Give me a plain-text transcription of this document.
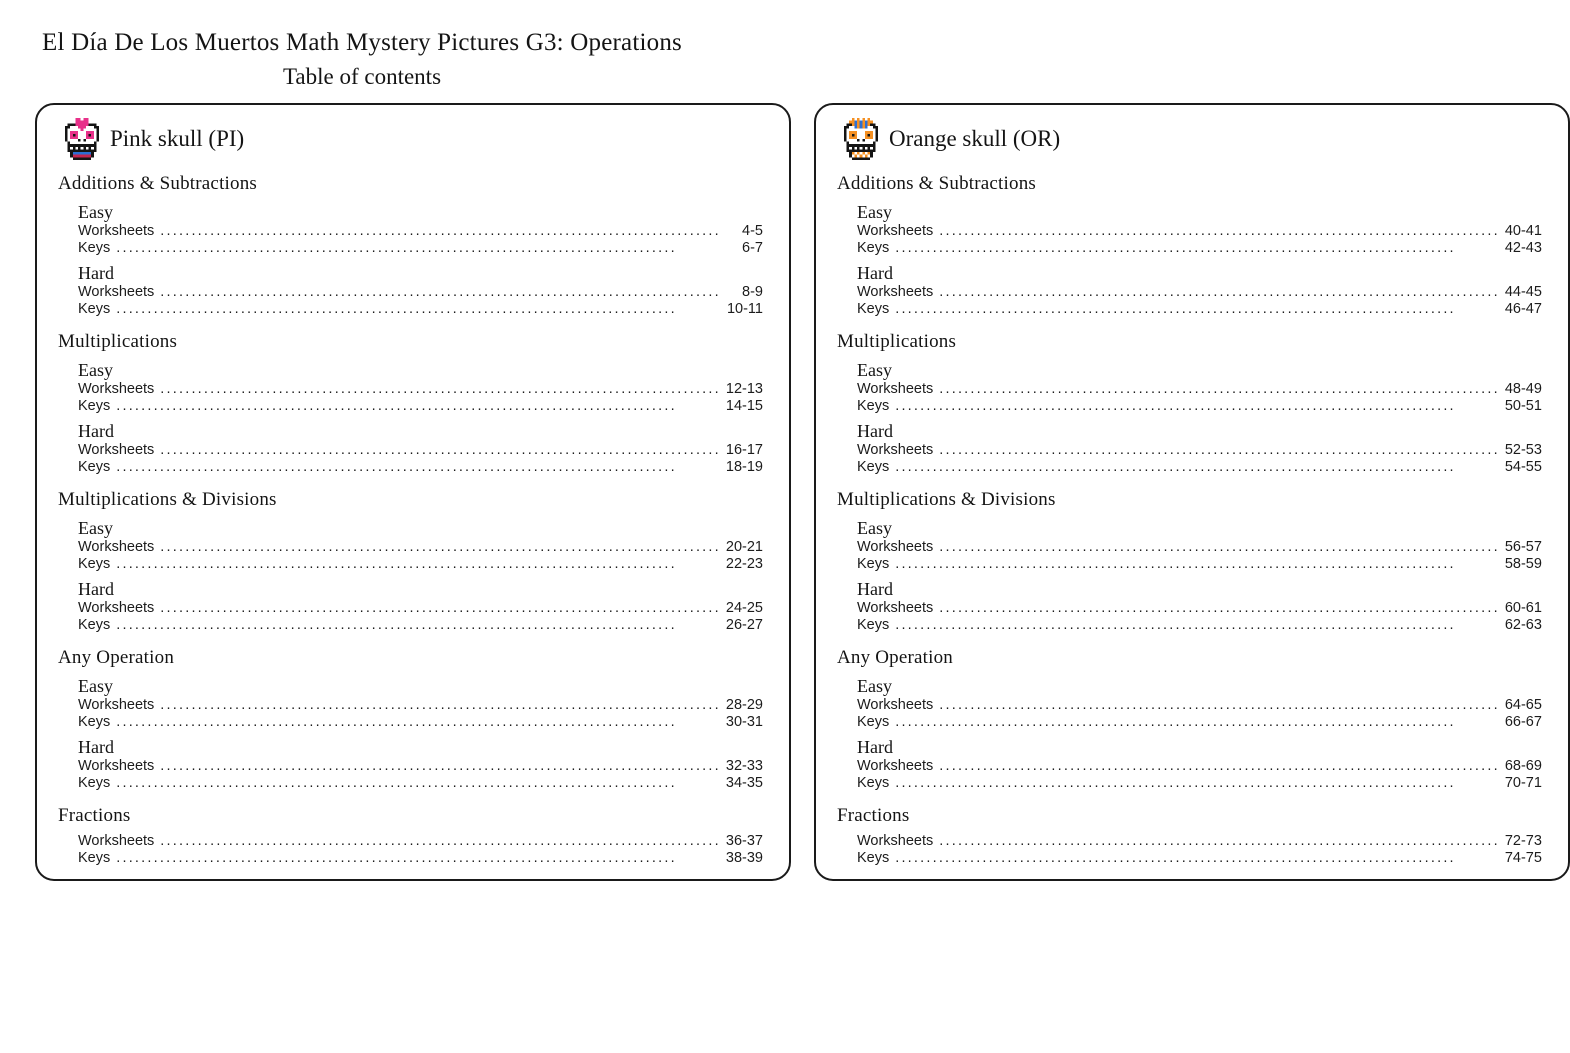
El Día De Los Muertos Math Mystery Pictures G3: Operations
Table of contents
Pink skull (PI)
Additions & Subtractions
Easy
Worksheets ..........................................................................................	4-5
Keys ..........................................................................................	6-7
Hard
Worksheets ..........................................................................................	8-9
Keys ..........................................................................................	10-11
Multiplications
Easy
Worksheets .......................................................................................... 12-13
Keys ..........................................................................................	14-15
Hard
Worksheets .......................................................................................... 16-17
Keys ..........................................................................................	18-19
Multiplications & Divisions
Easy
Worksheets .......................................................................................... 20-21
Keys ..........................................................................................	22-23
Hard
Worksheets .......................................................................................... 24-25
Keys ..........................................................................................	26-27
Any Operation
Easy
Worksheets .......................................................................................... 28-29
Keys ..........................................................................................	30-31
Hard
Worksheets .......................................................................................... 32-33
Keys ..........................................................................................	34-35
Fractions
Worksheets .......................................................................................... 36-37
Keys ..........................................................................................	38-39
Orange skull (OR)
Additions & Subtractions
Easy
Worksheets .......................................................................................... 40-41
Keys ..........................................................................................	42-43
Hard
Worksheets .......................................................................................... 44-45
Keys ..........................................................................................	46-47
Multiplications
Easy
Worksheets .......................................................................................... 48-49
Keys ..........................................................................................	50-51
Hard
Worksheets .......................................................................................... 52-53
Keys ..........................................................................................	54-55
Multiplications & Divisions
Easy
Worksheets .......................................................................................... 56-57
Keys ..........................................................................................	58-59
Hard
Worksheets .......................................................................................... 60-61
Keys ..........................................................................................	62-63
Any Operation
Easy
Worksheets .......................................................................................... 64-65
Keys ..........................................................................................	66-67
Hard
Worksheets .......................................................................................... 68-69
Keys ..........................................................................................	70-71
Fractions
Worksheets .......................................................................................... 72-73
Keys ..........................................................................................	74-75
